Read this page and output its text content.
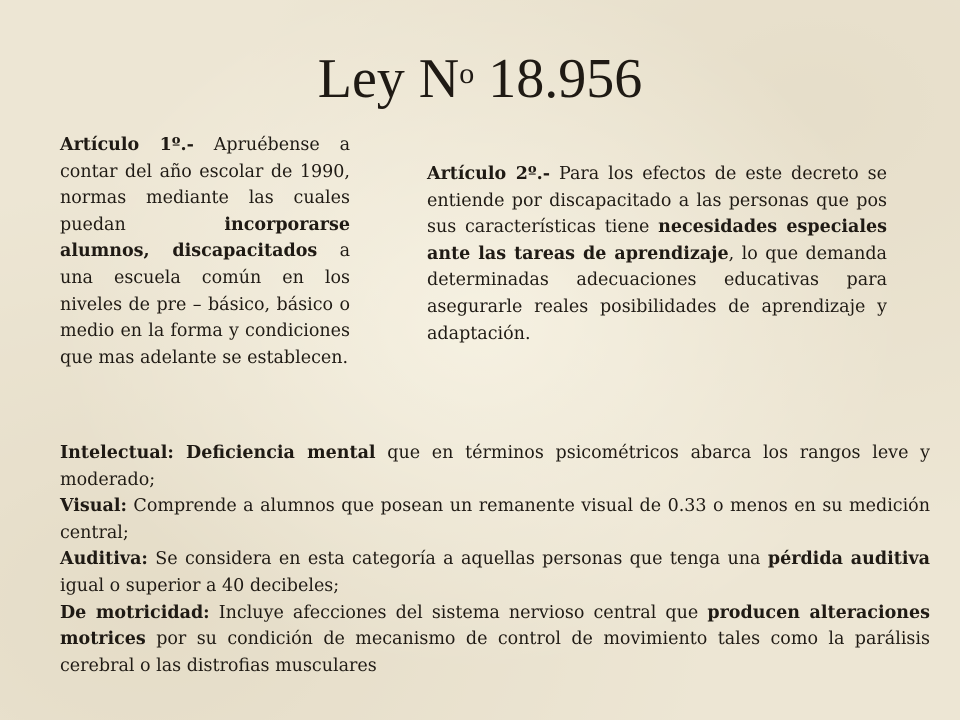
Ley $N^o$ 18.956
Artículo 1º.- Apruébense a contar del año escolar de 1990, normas mediante las cuales puedan incorporarse alumnos, discapacitados a una escuela común en los niveles de pre – básico, básico o medio en la forma y condiciones que mas adelante se establecen.
Artículo 2º.- Para los efectos de este decreto se entiende por discapacitado a las personas que pos sus características tiene necesidades especiales ante las tareas de aprendizaje, lo que demanda determinadas adecuaciones educativas para asegurarle reales posibilidades de aprendizaje y adaptación.

Intelectual: Deficiencia mental que en términos psicométricos abarca los rangos leve y moderado;

Visual: Comprende a alumnos que posean un remanente visual de 0.33 o menos en su medición central;

Auditiva: Se considera en esta categoría a aquellas personas que tenga una pérdida auditiva igual o superior a 40 decibeles;

De motricidad: Incluye afecciones del sistema nervioso central que producen alteraciones motrices por su condición de mecanismo de control de movimiento tales como la parálisis cerebral o las distrofias musculares
